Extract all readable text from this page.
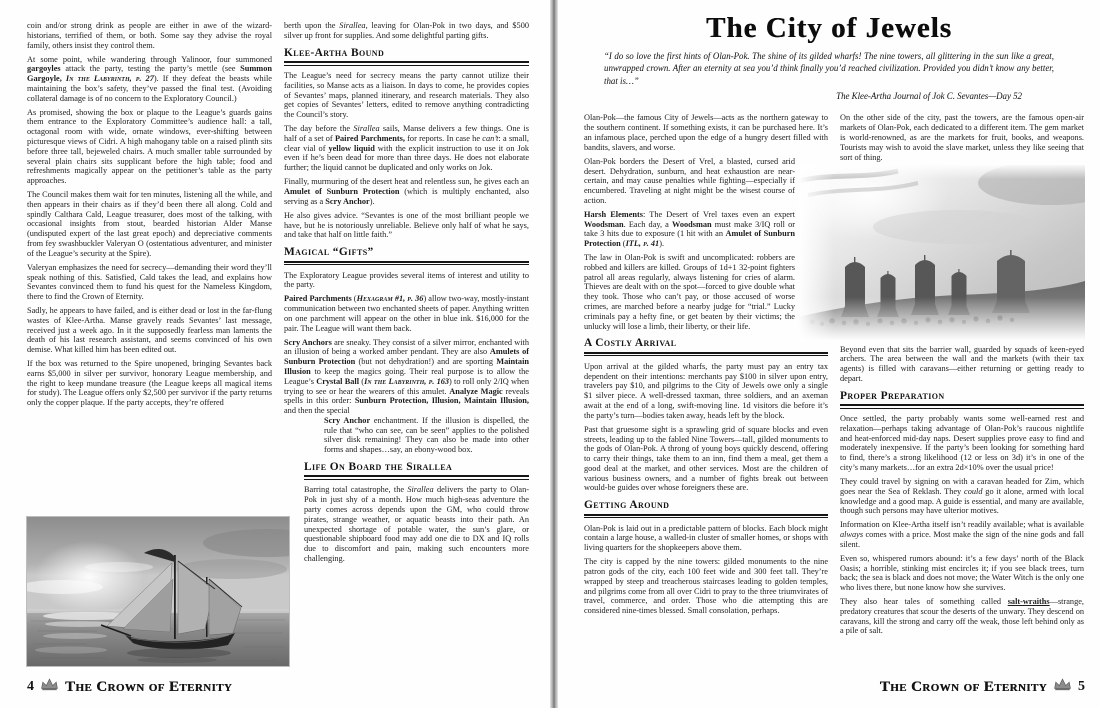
coin and/or strong drink as people are either in awe of the wizard-historians, terrified of them, or both. Some say they advise the royal family, others insist they control them.

At some point, while wandering through Yalinoor, four summoned gargoyles attack the party, testing the party’s mettle (see Summon Gargoyle, In the Labyrinth, p. 27). If they defeat the beasts while maintaining the box’s safety, they’ve passed the final test. (Avoiding collateral damage is of no concern to the Exploratory Council.)

As promised, showing the box or plaque to the League’s guards gains them entrance to the Exploratory Committee’s audience hall: a tall, octagonal room with wide, ornate windows, ever-shifting between picturesque views of Cidri. A high mahogany table on a raised plinth sits before three tall, bejeweled chairs. A much smaller table surrounded by several plain chairs sits supplicant before the high table; food and refreshments magically appear on the petitioner’s table as the party approaches.

The Council makes them wait for ten minutes, listening all the while, and then appears in their chairs as if they’d been there all along. Cold and spindly Calthara Cald, League treasurer, does most of the talking, with occasional insights from stout, bearded historian Alder Manse (undisputed expert of the last great epoch) and depreciative comments from fey swashbuckler Valeryan O (ostentatious adventurer, and minister of the League’s security at the Spire).

Valeryan emphasizes the need for secrecy—demanding their word they’ll speak nothing of this. Satisfied, Cald takes the lead, and explains how Sevantes convinced them to fund his quest for the Nameless Kingdom, there to find the Crown of Eternity.

Sadly, he appears to have failed, and is either dead or lost in the far-flung wastes of Klee-Artha. Manse gravely reads Sevantes’ last message, received just a week ago. In it the supposedly fearless man laments the death of his last research assistant, and seems convinced of his own demise. What killed him has been edited out.

If the box was returned to the Spire unopened, bringing Sevantes back earns $5,000 in silver per survivor, honorary League membership, and the right to keep mundane treasure (the League keeps all magical items for study). The League offers only $2,500 per survivor if the party returns only the copper plaque. If the party accepts, they’re offered

berth upon the Sirallea, leaving for Olan-Pok in two days, and $500 silver up front for supplies. And some delightful parting gifts.

Klee-Artha Bound

The League’s need for secrecy means the party cannot utilize their facilities, so Manse acts as a liaison. In days to come, he provides copies of Sevantes’ maps, planned itinerary, and research materials. They also get copies of Sevantes’ letters, edited to remove anything contradicting the Council’s story.

The day before the Sirallea sails, Manse delivers a few things. One is half of a set of Paired Parchments, for reports. In case he can’t: a small, clear vial of yellow liquid with the explicit instruction to use it on Jok even if he’s been dead for more than three days. He does not elaborate further; the liquid cannot be duplicated and only works on Jok.

Finally, murmuring of the desert heat and relentless sun, he gives each an Amulet of Sunburn Protection (which is multiply enchanted, also serving as a Scry Anchor).

He also gives advice. “Sevantes is one of the most brilliant people we have, but he is notoriously unreliable. Believe only half of what he says, and take that half on little faith.”

Magical “Gifts”

The Exploratory League provides several items of interest and utility to the party.

Paired Parchments (Hexagram #1, p. 36) allow two-way, mostly-instant communication between two enchanted sheets of paper. Anything written on one parchment will appear on the other in blue ink. $16,000 for the pair. The League will want them back.

Scry Anchors are sneaky. They consist of a silver mirror, enchanted with an illusion of being a worked amber pendant. They are also Amulets of Sunburn Protection (but not dehydration!) and are sporting Maintain Illusion to keep the magics going. Their real purpose is to allow the League’s Crystal Ball (In the Labyrinth, p. 163) to roll only 2/IQ when trying to see or hear the wearers of this amulet. Analyze Magic reveals spells in this order: Sunburn Protection, Illusion, Maintain Illusion, and then the special

Scry Anchor enchantment. If the illusion is dispelled, the rule that “who can see, can be seen” applies to the polished silver disk remaining! They can also be made into other forms and shapes…say, an ebony-wood box.

Life On Board the Sirallea

Barring total catastrophe, the Sirallea delivers the party to Olan-Pok in just shy of a month. How much high-seas adventure the party comes across depends upon the GM, who could throw pirates, strange weather, or aquatic beasts into their path. An unexpected shortage of potable water, the sun’s glare, or questionable shipboard food may add one die to DX and IQ rolls due to discomfort and pain, making such encounters more challenging.

4 The Crown of Eternity
The City of Jewels
“I do so love the first hints of Olan-Pok. The shine of its gilded wharfs! The nine towers, all glittering in the sun like a great, unwrapped crown. After an eternity at sea you’d think finally you’d reached civilization. Provided you didn’t know any better, that is…”
The Klee-Artha Journal of Jok C. Sevantes—Day 52

Olan-Pok—the famous City of Jewels—acts as the northern gateway to the southern continent. If something exists, it can be purchased here. It’s an infamous place, perched upon the edge of a hungry desert filled with bandits, slavers, and worse.

Olan-Pok borders the Desert of Vrel, a blasted, cursed arid desert. Dehydration, sunburn, and heat exhaustion are near-certain, and may cause penalties while fighting—especially if encumbered. Traveling at night might be the wisest course of action.

Harsh Elements: The Desert of Vrel taxes even an expert Woodsman. Each day, a Woodsman must make 3/IQ roll or take 3 hits due to exposure (1 hit with an Amulet of Sunburn Protection (ITL, p. 41).

The law in Olan-Pok is swift and uncomplicated: robbers are robbed and killers are killed. Groups of 1d+1 32-point fighters patrol all areas regularly, always listening for cries of alarm. Thieves are dealt with on the spot—forced to give double what they took. Those who can’t pay, or those accused of worse crimes, are marched before a nearby judge for “trial.” Lucky criminals pay a hefty fine, or get beaten by their victims; the unlucky will lose a limb, their liberty, or their life.

A Costly Arrival

Upon arrival at the gilded wharfs, the party must pay an entry tax dependent on their intentions: merchants pay $100 in silver upon entry, travelers pay $10, and pilgrims to the City of Jewels owe only a single $1 silver piece. A well-dressed taxman, three soldiers, and an axeman await at the end of a long, swift-moving line. 1d visitors die before it’s the party’s turn—bodies taken away, heads left by the block.

Past that gruesome sight is a sprawling grid of square blocks and even streets, leading up to the fabled Nine Towers—tall, gilded monuments to the gods of Olan-Pok. A throng of young boys quickly descend, offering to carry their things, take them to an inn, find them a meal, get them a good deal at the market, and other services. Most are the children of various business owners, and a number of fights break out between would-be guides over whose foreigners these are.

Getting Around

Olan-Pok is laid out in a predictable pattern of blocks. Each block might contain a large house, a walled-in cluster of smaller homes, or shops with living quarters for the shopkeepers above them.

The city is capped by the nine towers: gilded monuments to the nine patron gods of the city, each 100 feet wide and 300 feet tall. They’re wrapped by steep and treacherous staircases leading to golden temples, and pilgrims come from all over Cidri to pray to the three triumvirates of travel, commerce, and order. Those who die attempting this are considered nine-times blessed. Small consolation, perhaps.

On the other side of the city, past the towers, are the famous open-air markets of Olan-Pok, each dedicated to a different item. The gem market is world-renowned, as are the markets for fruit, books, and weapons. Tourists may wish to avoid the slave market, unless they like seeing that sort of thing.

Beyond even that sits the barrier wall, guarded by squads of keen-eyed archers. The area between the wall and the markets (with their tax agents) is filled with caravans—either returning or getting ready to depart.

Proper Preparation

Once settled, the party probably wants some well-earned rest and relaxation—perhaps taking advantage of Olan-Pok’s raucous nightlife and heat-enforced mid-day naps. Desert supplies prove easy to find and moderately inexpensive. If the party’s been looking for something hard to find, there’s a strong likelihood (12 or less on 3d) it’s in one of the city’s many markets…for an extra 2d×10% over the usual price!

They could travel by signing on with a caravan headed for Zim, which goes near the Sea of Reklash. They could go it alone, armed with local knowledge and a good map. A guide is essential, and many are available, though such persons may have ulterior motives.

Information on Klee-Artha itself isn’t readily available; what is available always comes with a price. Most make the sign of the nine gods and fall silent.

Even so, whispered rumors abound: it’s a few days’ north of the Black Oasis; a horrible, stinking mist encircles it; if you see black trees, turn back; the sea is black and does not move; the Water Witch is the only one who lives there, but none know how she survives.

They also hear tales of something called salt-wraiths—strange, predatory creatures that scour the deserts of the unwary. They descend on caravans, kill the strong and carry off the weak, those left behind only as a pile of salt.

The Crown of Eternity 5
